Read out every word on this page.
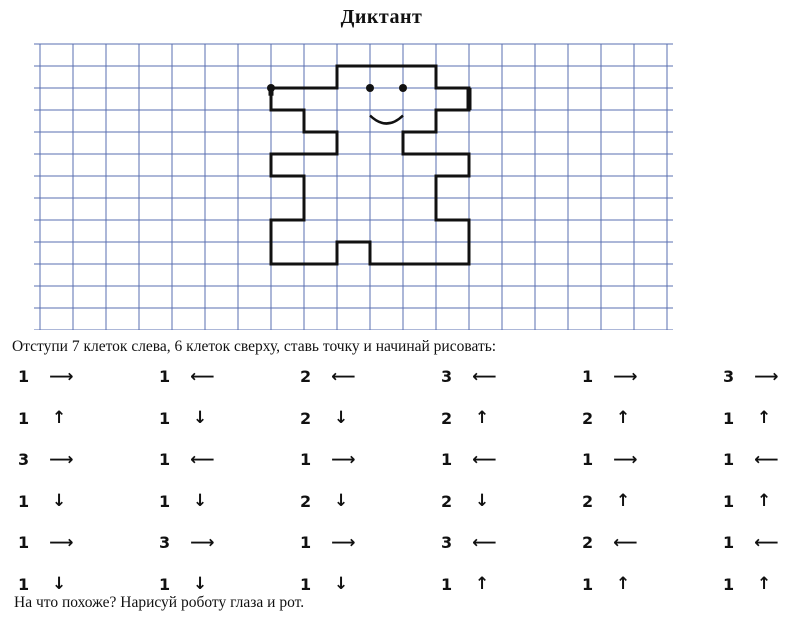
Диктант
Отступи 7 клеток слева, 6 клеток сверху, ставь точку и начинай рисовать:
1 ⟶	1 ⟵	2 ⟵	3 ⟵	1 ⟶	3 ⟶
1 ↑	1 ↓	2 ↓	2 ↑	2 ↑	1 ↑
3 ⟶	1 ⟵	1 ⟶	1 ⟵	1 ⟶	1 ⟵
1 ↓	1 ↓	2 ↓	2 ↓	2 ↑	1 ↑
1 ⟶	3 ⟶	1 ⟶	3 ⟵	2 ⟵	1 ⟵
1 ↓	1 ↓	1 ↓	1 ↑	1 ↑	1 ↑
На что похоже? Нарисуй роботу глаза и рот.
